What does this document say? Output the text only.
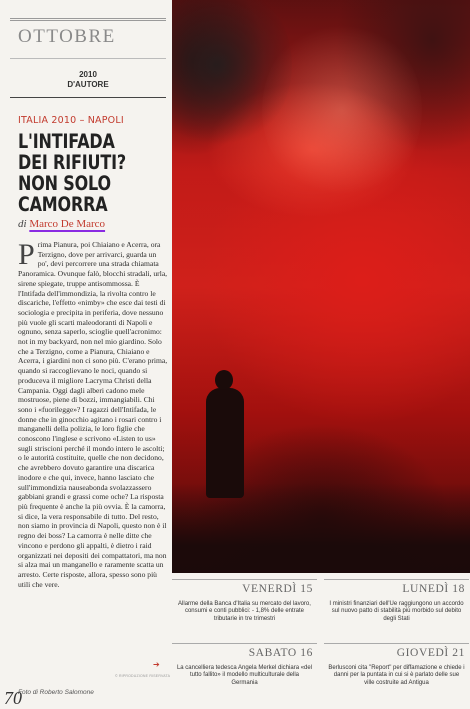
OTTOBRE
2010
D'AUTORE
ITALIA 2010 – NAPOLI
L'INTIFADA DEI RIFIUTI? NON SOLO CAMORRA
di Marco De Marco

Prima Pianura, poi Chiaiano e Acerra, ora Terzigno, dove per arrivarci, guarda un po', devi percorrere una strada chiamata Panoramica. Ovunque falò, blocchi stradali, urla, sirene spiegate, truppe antisommossa. È l'Intifada dell'immondizia, la rivolta contro le discariche, l'effetto «nimby» che esce dai testi di sociologia e precipita in periferia, dove nessuno più vuole gli scarti maleodoranti di Napoli e ognuno, senza saperlo, scioglie quell'acronimo: not in my backyard, non nel mio giardino. Solo che a Terzigno, come a Pianura, Chiaiano e Acerra, i giardini non ci sono più. C'erano prima, quando si raccoglievano le noci, quando si produceva il migliore Lacryma Christi della Campania. Oggi dagli alberi cadono mele mostruose, piene di bozzi, immangiabili. Chi sono i «fuorilegge»? I ragazzi dell'Intifada, le donne che in ginocchio agitano i rosari contro i manganelli della polizia, le loro figlie che conoscono l'inglese e scrivono «Listen to us» sugli striscioni perché il mondo intero le ascolti; o le autorità costituite, quelle che non decidono, che avrebbero dovuto garantire una discarica inodore e che qui, invece, hanno lasciato che sull'immondizia nauseabonda svolazzassero gabbiani grandi e grassi come oche? La risposta più frequente è anche la più ovvia. È la camorra, si dice, la vera responsabile di tutto. Del resto, non siamo in provincia di Napoli, questo non è il regno dei boss? La camorra è nelle ditte che vincono e perdono gli appalti, è dietro i raid organizzati nei depositi dei compattatori, ma non si alza mai un manganello e raramente scatta un arresto. Certe risposte, allora, spesso sono più utili che vere.

➔
© RIPRODUZIONE RISERVATA
Foto di Roberto Salomone
70
VENERDÌ 15
Allarme della Banca d'Italia su mercato del lavoro, consumi e conti pubblici: - 1,8% delle entrate tributarie in tre trimestri
LUNEDÌ 18
I ministri finanziari dell'Ue raggiungono un accordo sul nuovo patto di stabilità più morbido sul debito degli Stati
SABATO 16
La cancelliera tedesca Angela Merkel dichiara «del tutto fallito» il modello multiculturale della Germania
GIOVEDÌ 21
Berlusconi cita "Report" per diffamazione e chiede i danni per la puntata in cui si è parlato delle sue ville costruite ad Antigua
